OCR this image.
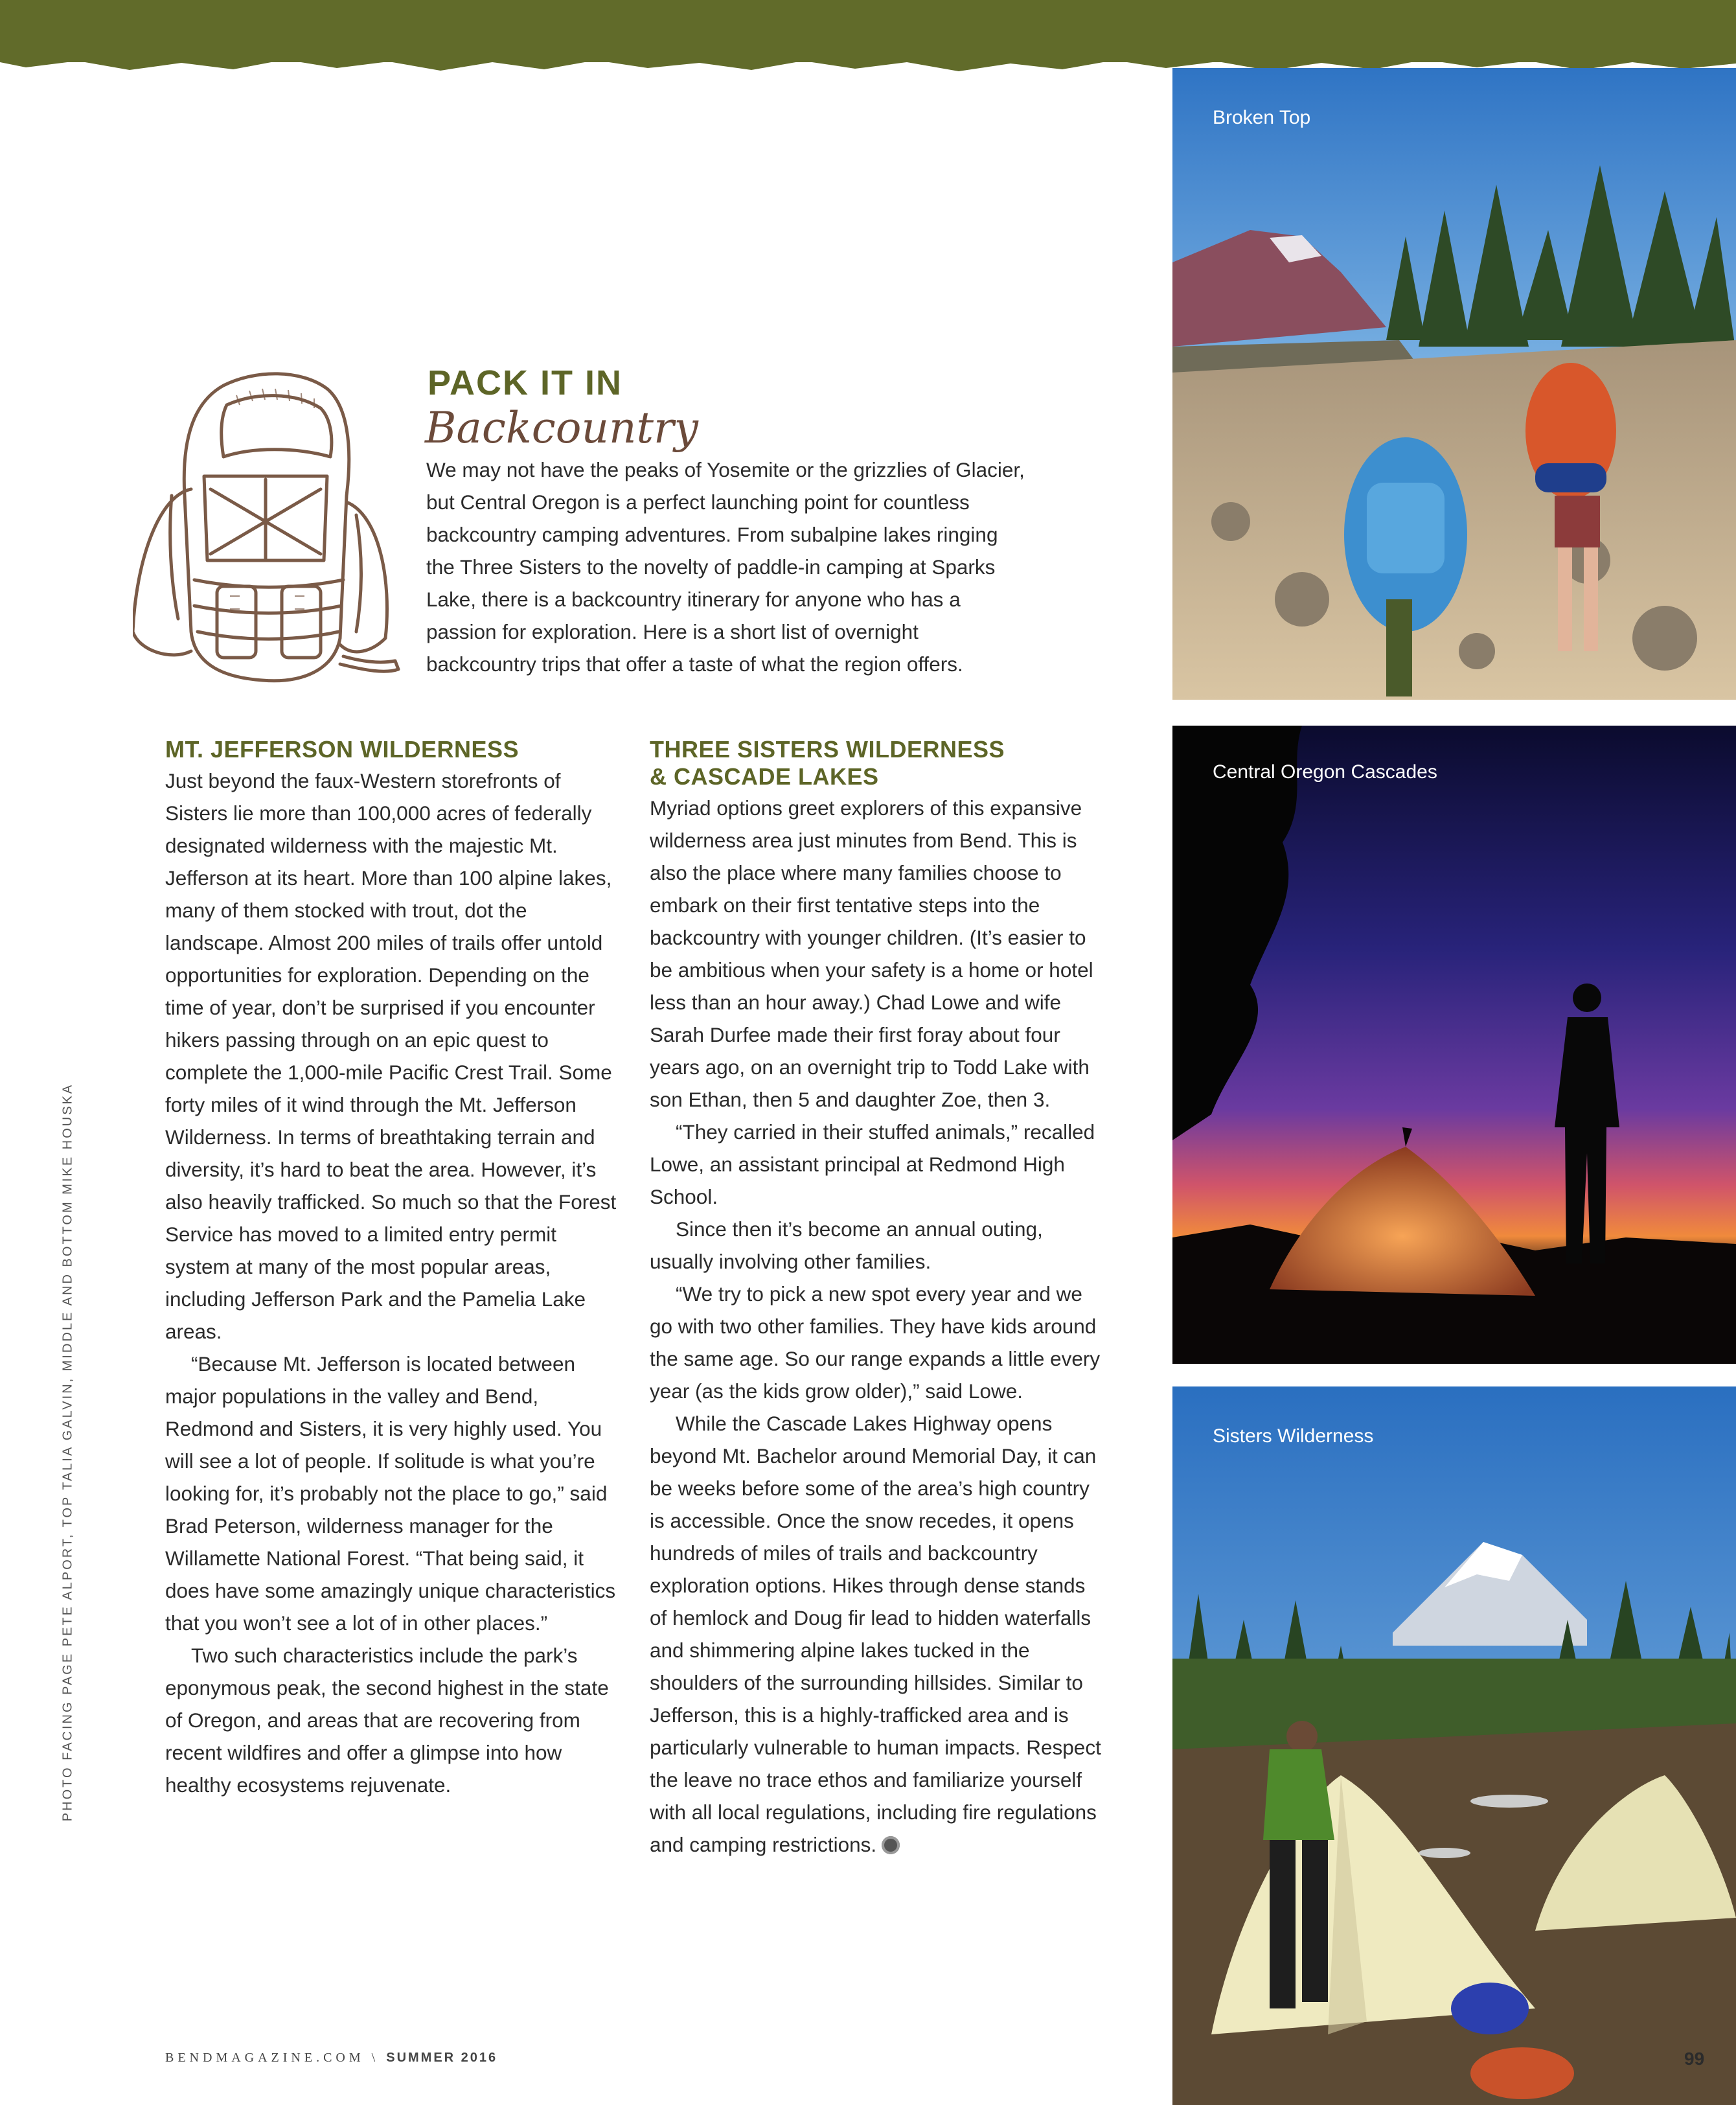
Broken Top
Central Oregon Cascades
Sisters Wilderness
PACK IT IN
Backcountry
We may not have the peaks of Yosemite or the grizzlies of Glacier, but Central Oregon is a perfect launching point for countless backcountry camping adventures. From subalpine lakes ringing the Three Sisters to the novelty of paddle-in camping at Sparks Lake, there is a backcountry itinerary for anyone who has a passion for exploration. Here is a short list of overnight backcountry trips that offer a taste of what the region offers.
MT. JEFFERSON WILDERNESS

Just beyond the faux-Western storefronts of Sisters lie more than 100,000 acres of federally designated wilderness with the majestic Mt. Jefferson at its heart. More than 100 alpine lakes, many of them stocked with trout, dot the landscape. Almost 200 miles of trails offer untold opportunities for exploration. Depending on the time of year, don’t be surprised if you encounter hikers passing through on an epic quest to complete the 1,000-mile Pacific Crest Trail. Some forty miles of it wind through the Mt. Jefferson Wilderness. In terms of breathtaking terrain and diversity, it’s hard to beat the area. However, it’s also heavily trafficked. So much so that the Forest Service has moved to a limited entry permit system at many of the most popular areas, including Jefferson Park and the Pamelia Lake areas.

“Because Mt. Jefferson is located between major populations in the valley and Bend, Redmond and Sisters, it is very highly used. You will see a lot of people. If solitude is what you’re looking for, it’s probably not the place to go,” said Brad Peterson, wilderness manager for the Willamette National Forest. “That being said, it does have some amazingly unique characteristics that you won’t see a lot of in other places.”

Two such characteristics include the park’s eponymous peak, the second highest in the state of Oregon, and areas that are recovering from recent wildfires and offer a glimpse into how healthy ecosystems rejuvenate.

THREE SISTERS WILDERNESS
& CASCADE LAKES

Myriad options greet explorers of this expansive wilderness area just minutes from Bend. This is also the place where many families choose to embark on their first tentative steps into the backcountry with younger children. (It’s easier to be ambitious when your safety is a home or hotel less than an hour away.) Chad Lowe and wife Sarah Durfee made their first foray about four years ago, on an overnight trip to Todd Lake with son Ethan, then 5 and daughter Zoe, then 3.

“They carried in their stuffed animals,” recalled Lowe, an assistant principal at Redmond High School.

Since then it’s become an annual outing, usually involving other families.

“We try to pick a new spot every year and we go with two other families. They have kids around the same age. So our range expands a little every year (as the kids grow older),” said Lowe.

While the Cascade Lakes Highway opens beyond Mt. Bachelor around Memorial Day, it can be weeks before some of the area’s high country is accessible. Once the snow recedes, it opens hundreds of miles of trails and backcountry exploration options. Hikes through dense stands of hemlock and Doug fir lead to hidden waterfalls and shimmering alpine lakes tucked in the shoulders of the surrounding hillsides. Similar to Jefferson, this is a highly-trafficked area and is particularly vulnerable to human impacts. Respect the leave no trace ethos and familiarize yourself with all local regulations, including fire regulations and camping restrictions.

PHOTO FACING PAGE PETE ALPORT, TOP TALIA GALVIN, MIDDLE AND BOTTOM MIKE HOUSKA
BENDMAGAZINE.COM \ SUMMER 2016	99
